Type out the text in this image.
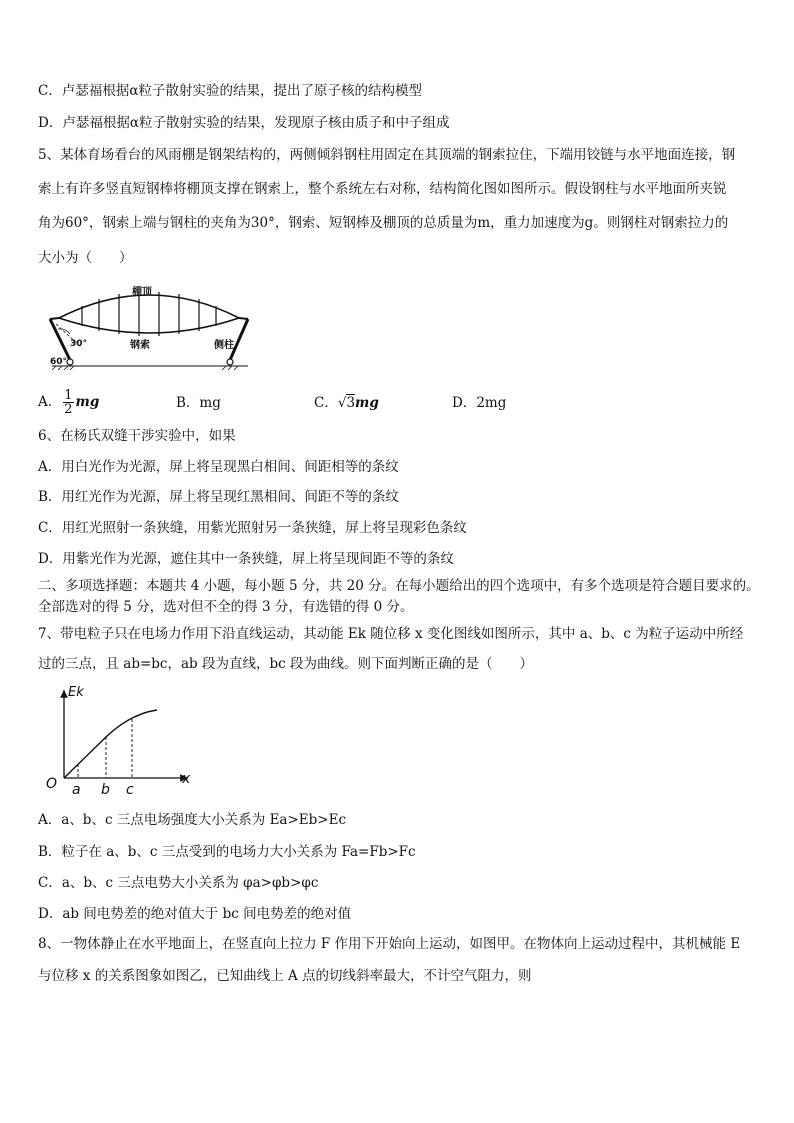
C．卢瑟福根据α粒子散射实验的结果，提出了原子核的结构模型
D．卢瑟福根据α粒子散射实验的结果，发现原子核由质子和中子组成
5、某体育场看台的风雨棚是钢架结构的，两侧倾斜钢柱用固定在其顶端的钢索拉住，下端用铰链与水平地面连接，钢
索上有许多竖直短钢棒将棚顶支撑在钢索上，整个系统左右对称，结构简化图如图所示。假设钢柱与水平地面所夹锐
角为60°，钢索上端与钢柱的夹角为30°，钢索、短钢棒及棚顶的总质量为m，重力加速度为g。则钢柱对钢索拉力的
大小为（　　）
棚顶
钢索	侧柱
30°
60°
A． $\frac{1}{2}$ mg	B．mg	C．√3mg	D．2mg
6、在杨氏双缝干涉实验中，如果
A．用白光作为光源，屏上将呈现黑白相间、间距相等的条纹
B．用红光作为光源，屏上将呈现红黑相间、间距不等的条纹
C．用红光照射一条狭缝，用紫光照射另一条狭缝，屏上将呈现彩色条纹
D．用紫光作为光源，遮住其中一条狭缝，屏上将呈现间距不等的条纹
二、多项选择题：本题共 4 小题，每小题 5 分，共 20 分。在每小题给出的四个选项中，有多个选项是符合题目要求的。
全部选对的得 5 分，选对但不全的得 3 分，有选错的得 0 分。
7、带电粒子只在电场力作用下沿直线运动，其动能 Ek 随位移 x 变化图线如图所示，其中 a、b、c 为粒子运动中所经
过的三点，且 ab=bc，ab 段为直线，bc 段为曲线。则下面判断正确的是（　　）
Ek
x
O a b c
A．a、b、c 三点电场强度大小关系为 Ea>Eb>Ec
B．粒子在 a、b、c 三点受到的电场力大小关系为 Fa=Fb>Fc
C．a、b、c 三点电势大小关系为 φa>φb>φc
D．ab 间电势差的绝对值大于 bc 间电势差的绝对值
8、一物体静止在水平地面上，在竖直向上拉力 F 作用下开始向上运动，如图甲。在物体向上运动过程中，其机械能 E
与位移 x 的关系图象如图乙，已知曲线上 A 点的切线斜率最大，不计空气阻力，则
